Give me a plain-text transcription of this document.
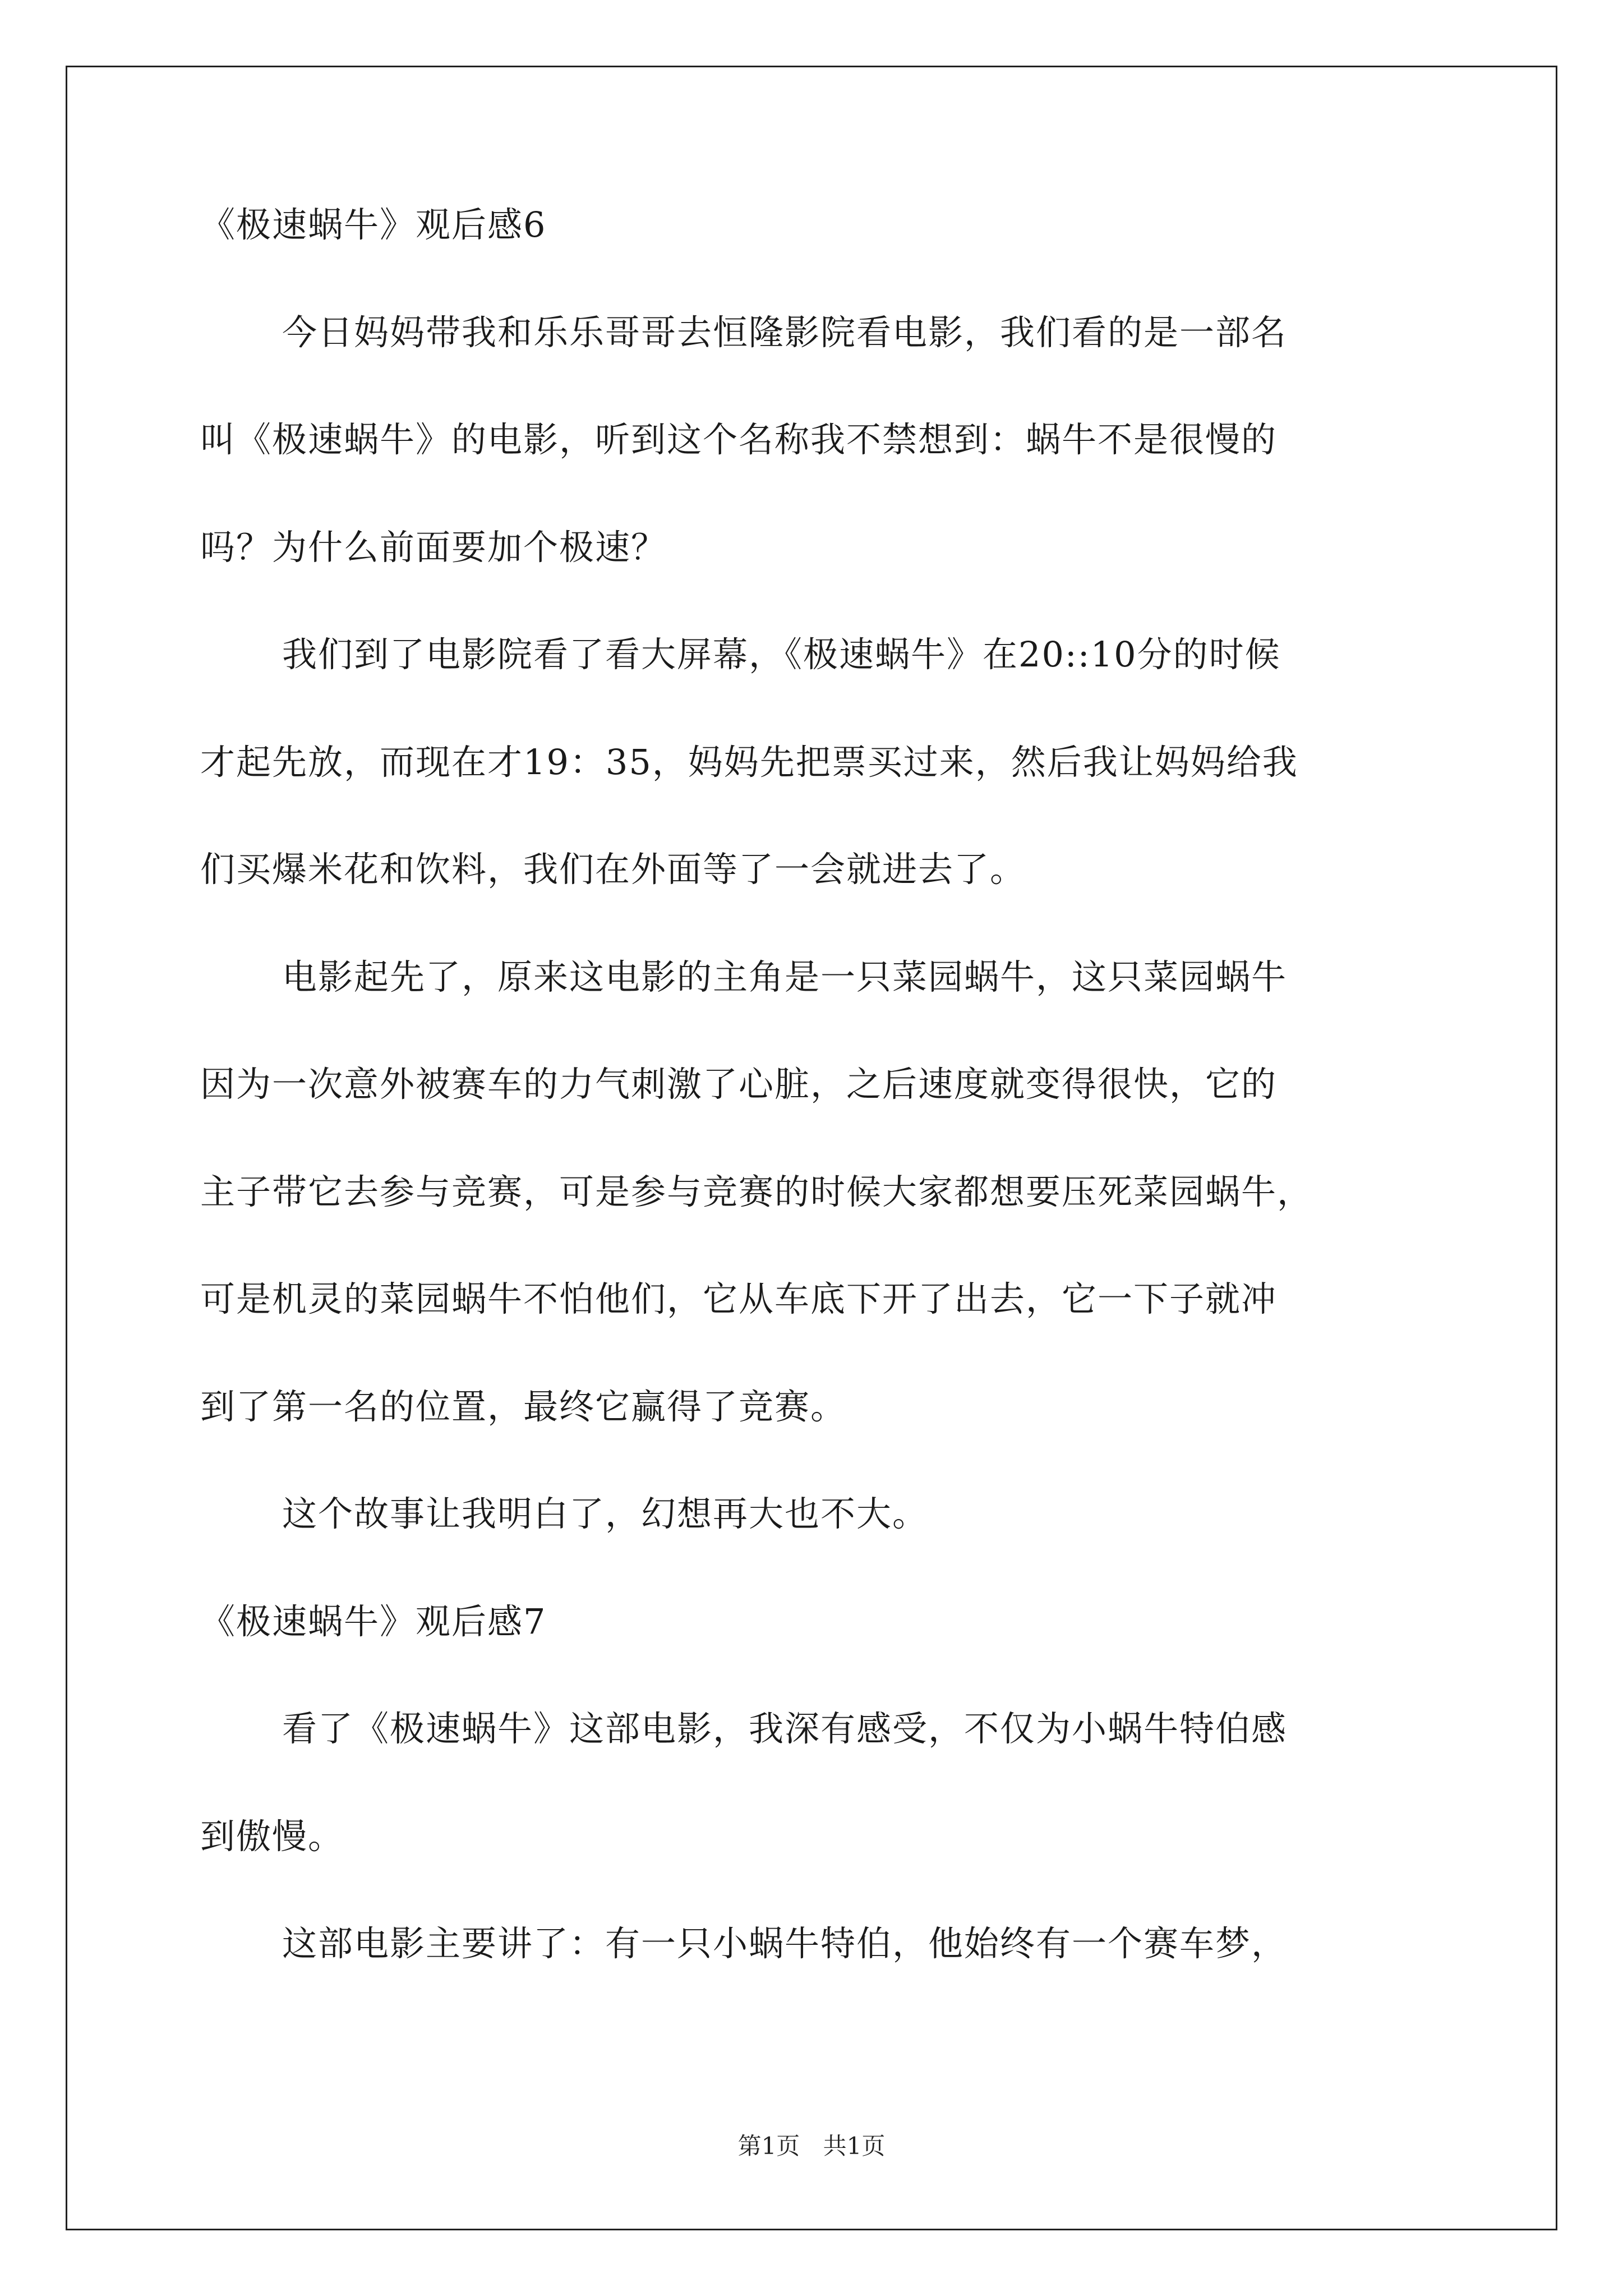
《极速蜗牛》观后感6

今日妈妈带我和乐乐哥哥去恒隆影院看电影，我们看的是一部名

叫《极速蜗牛》的电影，听到这个名称我不禁想到：蜗牛不是很慢的

吗？为什么前面要加个极速？

我们到了电影院看了看大屏幕，《极速蜗牛》在20::10分的时候

才起先放，而现在才19：35，妈妈先把票买过来，然后我让妈妈给我

们买爆米花和饮料，我们在外面等了一会就进去了。

电影起先了，原来这电影的主角是一只菜园蜗牛，这只菜园蜗牛

因为一次意外被赛车的力气刺激了心脏，之后速度就变得很快，它的

主子带它去参与竞赛，可是参与竞赛的时候大家都想要压死菜园蜗牛，

可是机灵的菜园蜗牛不怕他们，它从车底下开了出去，它一下子就冲

到了第一名的位置，最终它赢得了竞赛。

这个故事让我明白了，幻想再大也不大。

《极速蜗牛》观后感7

看了《极速蜗牛》这部电影，我深有感受，不仅为小蜗牛特伯感

到傲慢。

这部电影主要讲了：有一只小蜗牛特伯，他始终有一个赛车梦，

第1页 共1页
